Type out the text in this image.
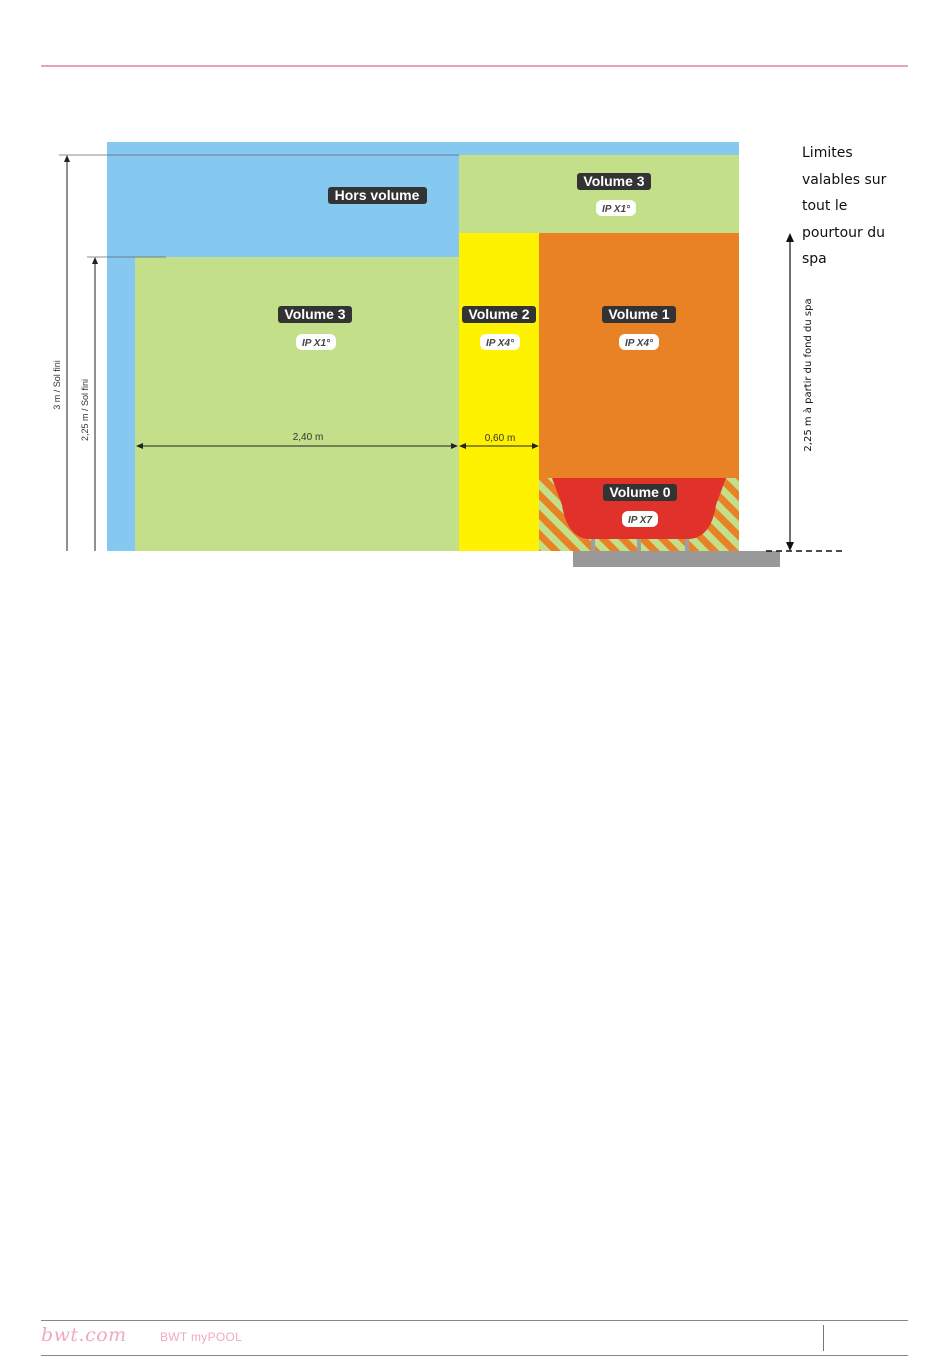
Hors volume
Volume 3
IP X1°
Volume 3
IP X1°
Volume 2
IP X4°
Volume 1
IP X4°
Volume 0
IP X7
2,40 m	0,60 m
3 m / Sol fini 2,25 m / Sol fini	2,25 m à partir du fond du spa
Limites
valables sur
tout le
pourtour du
spa
bwt.com	BWT myPOOL
